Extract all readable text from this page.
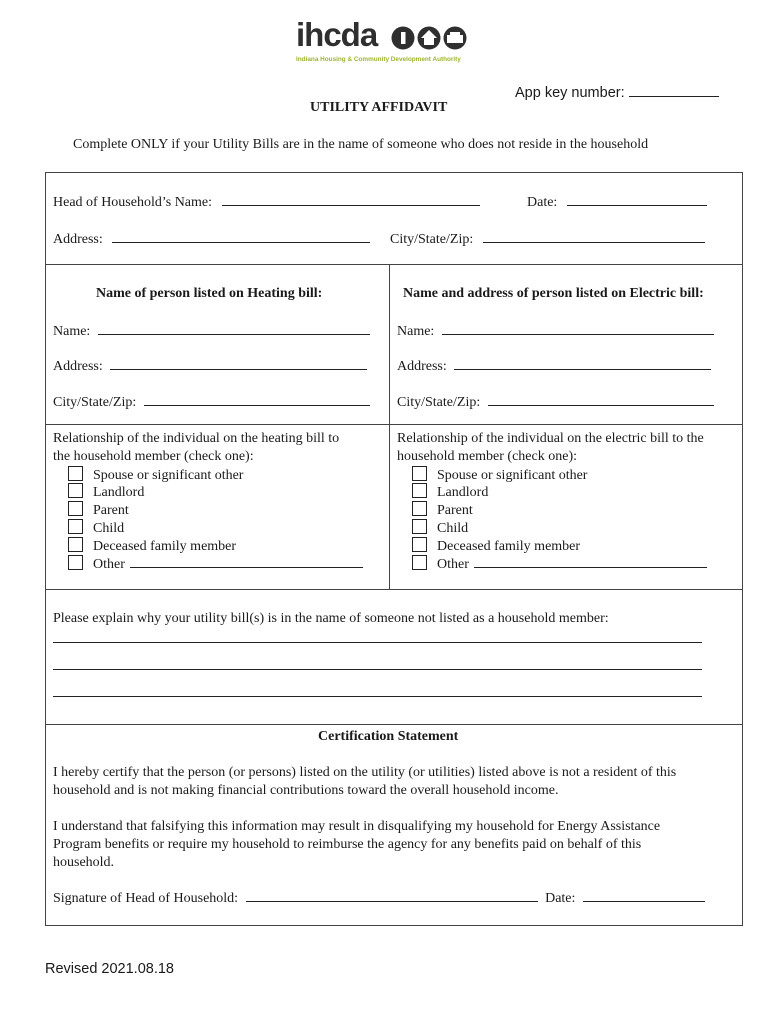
ihcda
Indiana Housing & Community Development Authority
App key number:
UTILITY AFFIDAVIT
Complete ONLY if your Utility Bills are in the name of someone who does not reside in the household
Head of Household’s Name:	Date:
Address:	City/State/Zip:
Name of person listed on Heating bill:
Name:
Address:
City/State/Zip:
Relationship of the individual on the heating bill to
the household member (check one):
Spouse or significant other
Landlord
Parent
Child
Deceased family member
Other
Name and address of person listed on Electric bill:
Name:
Address:
City/State/Zip:
Relationship of the individual on the electric bill to the
household member (check one):
Spouse or significant other
Landlord
Parent
Child
Deceased family member
Other
Please explain why your utility bill(s) is in the name of someone not listed as a household member:
Certification Statement
I hereby certify that the person (or persons) listed on the utility (or utilities) listed above is not a resident of this
household and is not making financial contributions toward the overall household income.
I understand that falsifying this information may result in disqualifying my household for Energy Assistance
Program benefits or require my household to reimburse the agency for any benefits paid on behalf of this
household.
Signature of Head of Household:	Date:
Revised 2021.08.18
